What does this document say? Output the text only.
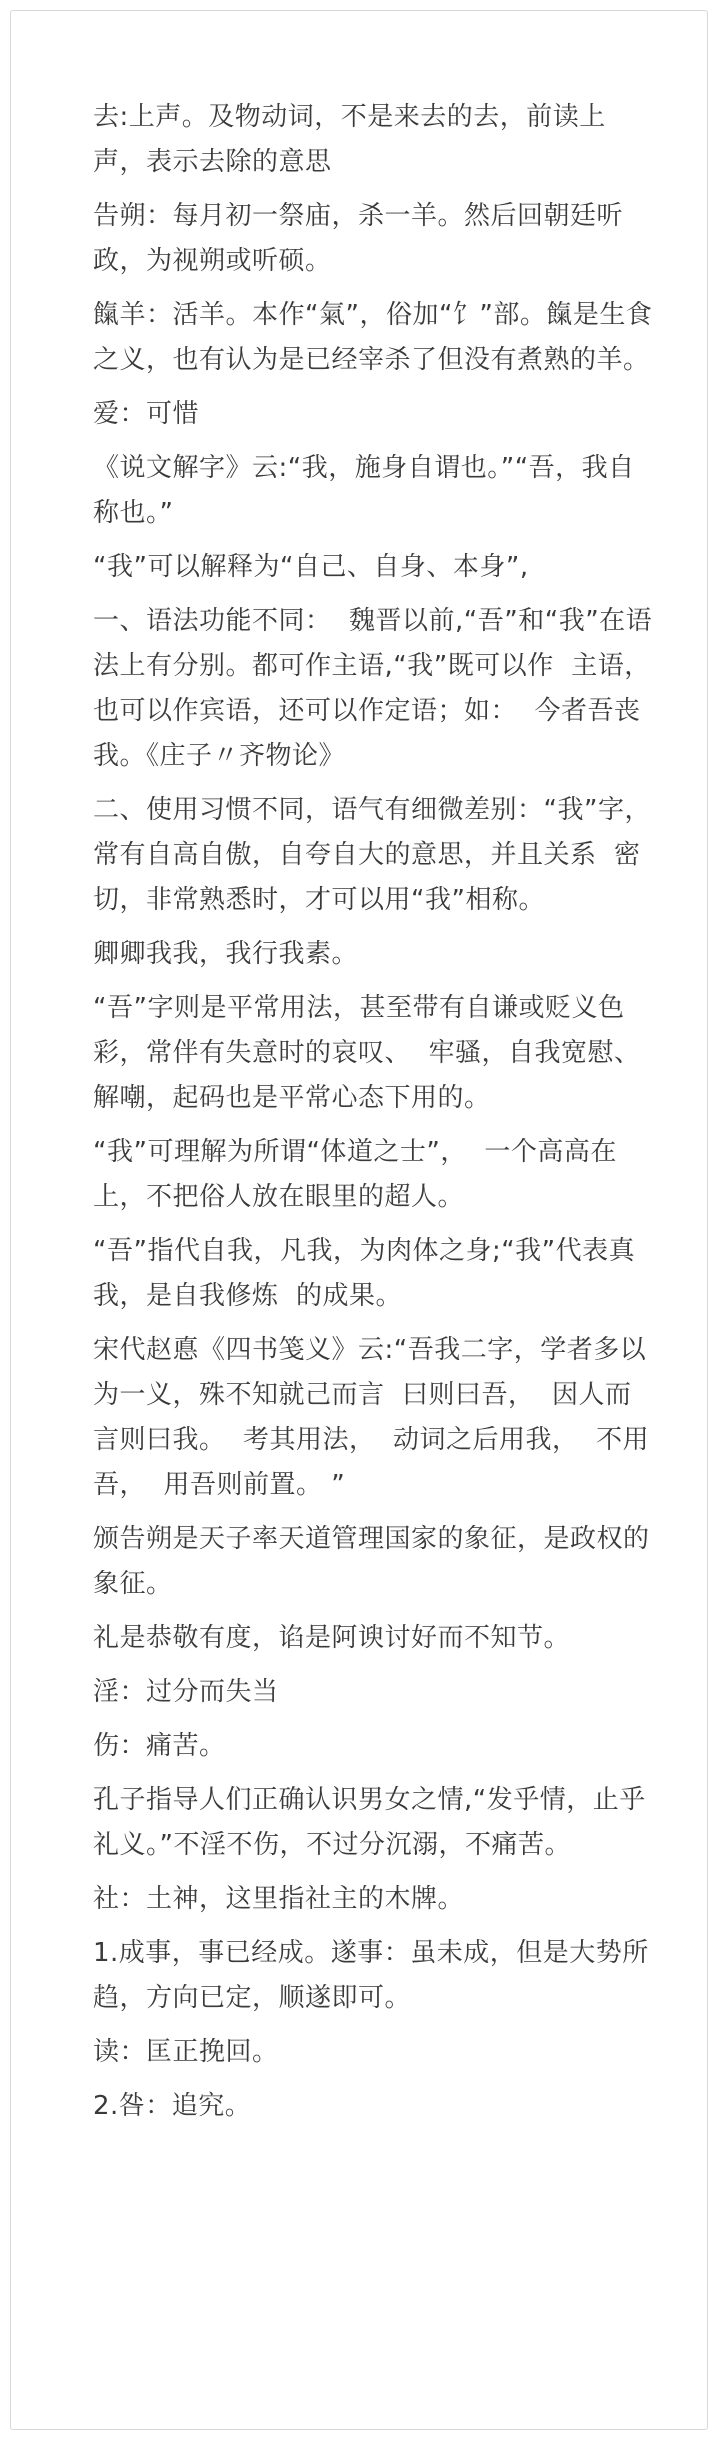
去:上声。及物动词，不是来去的去，前读上声，表示去除的意思

告朔：每月初一祭庙，杀一羊。然后回朝廷听政，为视朔或听硕。

餼羊：活羊。本作“氣”，俗加“饣”部。餼是生食之义，也有认为是已经宰杀了但没有煮熟的羊。

爱：可惜

《说文解字》云:“我，施身自谓也。”“吾，我自称也。”

“我”可以解释为“自己、自身、本身”,

一、语法功能不同：  魏晋以前,“吾”和“我”在语法上有分别。都可作主语,“我”既可以作  主语，也可以作宾语，还可以作定语；如：  今者吾丧我。《庄子〃齐物论》

二、使用习惯不同，语气有细微差别：“我”字，常有自高自傲，自夸自大的意思，并且关系  密切，非常熟悉时，才可以用“我”相称。

卿卿我我，我行我素。

“吾”字则是平常用法，甚至带有自谦或贬义色彩，常伴有失意时的哀叹、  牢骚，自我宽慰、解嘲，起码也是平常心态下用的。

“我”可理解为所谓“体道之士”，  一个高高在上，不把俗人放在眼里的超人。

“吾”指代自我，凡我，为肉体之身;“我”代表真我，是自我修炼  的成果。

宋代赵悳《四书笺义》云:“吾我二字，学者多以为一义，殊不知就己而言  曰则曰吾，  因人而言则曰我。  考其用法，  动词之后用我，  不用吾，  用吾则前置。 ”

颁告朔是天子率天道管理国家的象征，是政权的象征。

礼是恭敬有度，谄是阿谀讨好而不知节。

淫：过分而失当

伤：痛苦。

孔子指导人们正确认识男女之情,“发乎情，止乎礼义。”不淫不伤，不过分沉溺，不痛苦。

社：土神，这里指社主的木牌。

1.成事，事已经成。遂事：虽未成，但是大势所趋，方向已定，顺遂即可。

读：匡正挽回。

2.咎：追究。
